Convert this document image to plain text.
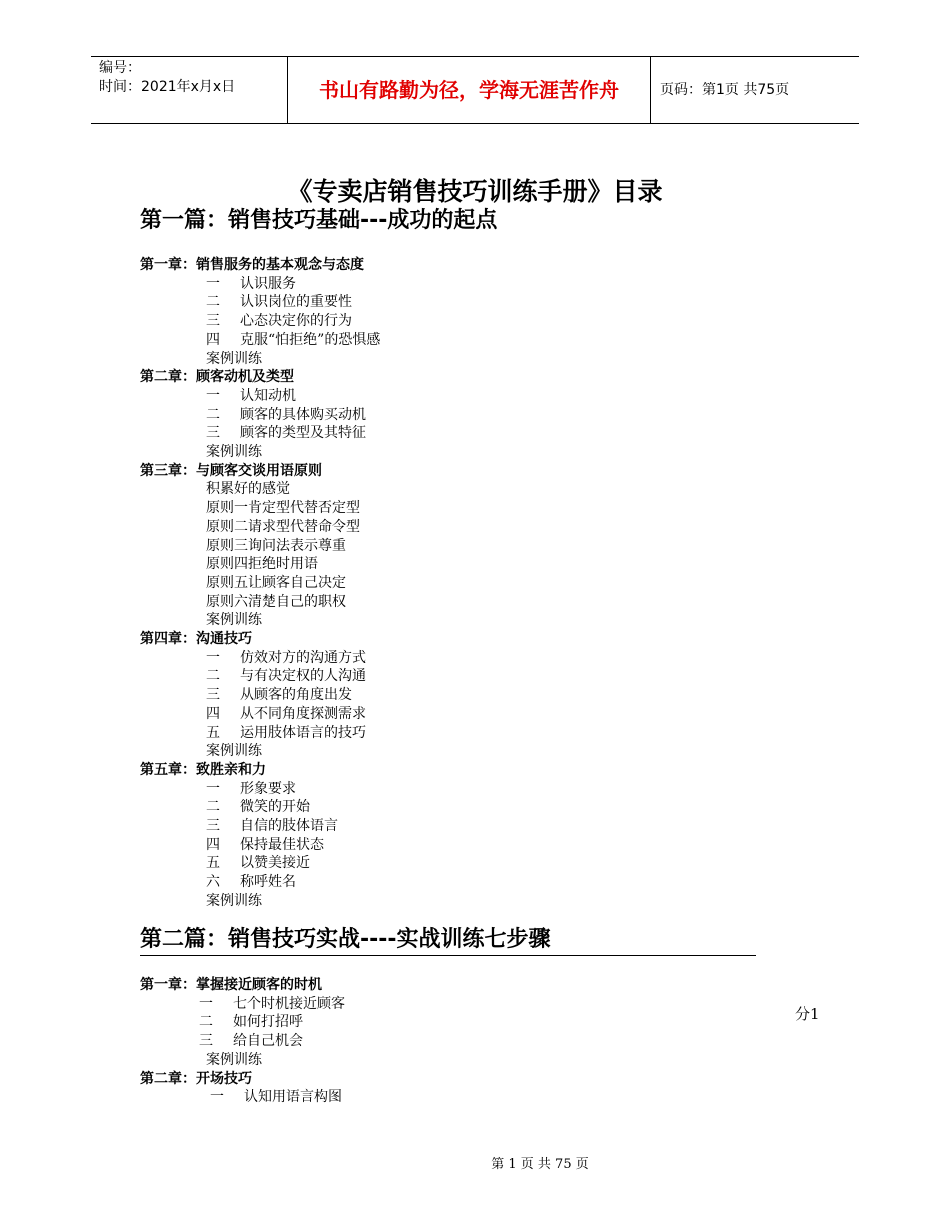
编号：
时间：2021年x月x日	书山有路勤为径，学海无涯苦作舟	页码：第1页 共75页
《专卖店销售技巧训练手册》目录
第一篇：销售技巧基础---成功的起点
第二篇：销售技巧实战----实战训练七步骤
第一章：销售服务的基本观念与态度
一 认识服务
二 认识岗位的重要性
三 心态决定你的行为
四 克服“怕拒绝”的恐惧感
案例训练
第二章：顾客动机及类型
一 认知动机
二 顾客的具体购买动机
三 顾客的类型及其特征
案例训练
第三章：与顾客交谈用语原则
积累好的感觉
原则一肯定型代替否定型
原则二请求型代替命令型
原则三询问法表示尊重
原则四拒绝时用语
原则五让顾客自己决定
原则六清楚自己的职权
案例训练
第四章：沟通技巧
一 仿效对方的沟通方式
二 与有决定权的人沟通
三 从顾客的角度出发
四 从不同角度探测需求
五 运用肢体语言的技巧
案例训练
第五章：致胜亲和力
一 形象要求
二 微笑的开始
三 自信的肢体语言
四 保持最佳状态
五 以赞美接近
六 称呼姓名
案例训练
第一章：掌握接近顾客的时机
一 七个时机接近顾客
二 如何打招呼
三 给自己机会
案例训练
第二章：开场技巧
一 认知用语言构图
分1
第 1 页 共 75 页
